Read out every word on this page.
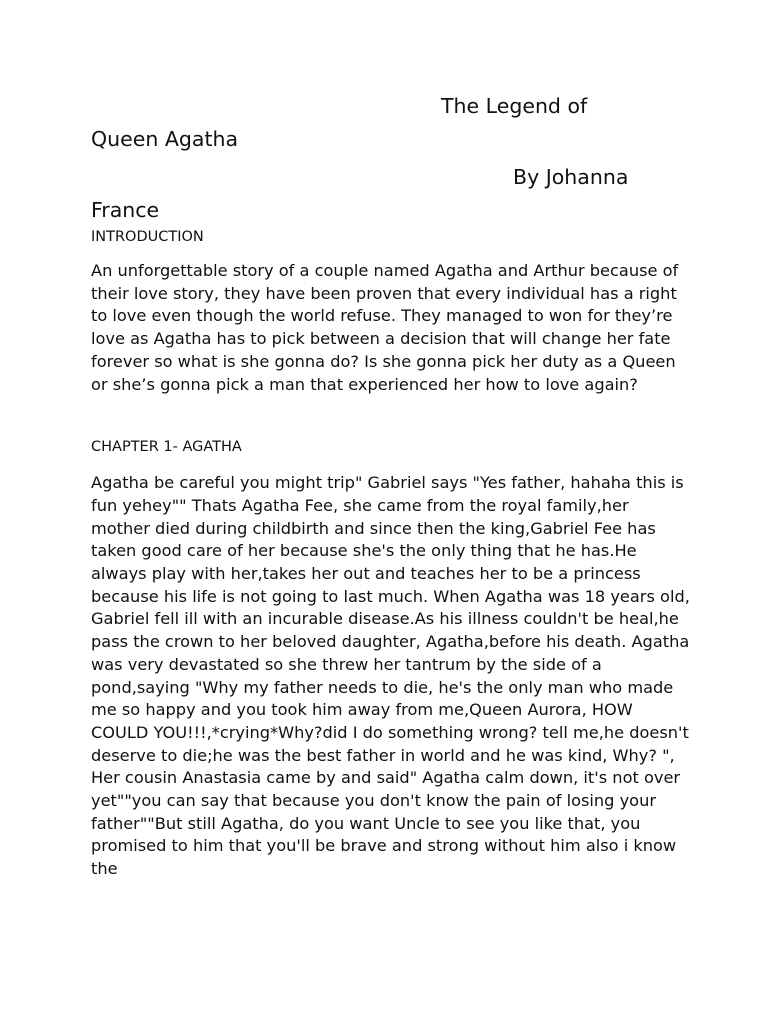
The Legend of

Queen Agatha

By Johanna

France

INTRODUCTION

An unforgettable story of a couple named Agatha and Arthur because of their love story, they have been proven that every individual has a right to love even though the world refuse. They managed to won for they’re love as Agatha has to pick between a decision that will change her fate forever so what is she gonna do? Is she gonna pick her duty as a Queen or she’s gonna pick a man that experienced her how to love again?

CHAPTER 1- AGATHA

Agatha be careful you might trip" Gabriel says "Yes father, hahaha this is fun yehey"" Thats Agatha Fee, she came from the royal family,her mother died during childbirth and since then the king,Gabriel Fee has taken good care of her because she's the only thing that he has.He always play with her,takes her out and teaches her to be a princess because his life is not going to last much. When Agatha was 18 years old, Gabriel fell ill with an incurable disease.As his illness couldn't be heal,he pass the crown to her beloved daughter, Agatha,before his death. Agatha was very devastated so she threw her tantrum by the side of a pond,saying "Why my father needs to die, he's the only man who made me so happy and you took him away from me,Queen Aurora, HOW COULD YOU!!!,*crying*Why?did I do something wrong? tell me,he doesn't deserve to die;he was the best father in world and he was kind, Why? ", Her cousin Anastasia came by and said" Agatha calm down, it's not over yet""you can say that because you don't know the pain of losing your father""But still Agatha, do you want Uncle to see you like that, you promised to him that you'll be brave and strong without him also i know the
